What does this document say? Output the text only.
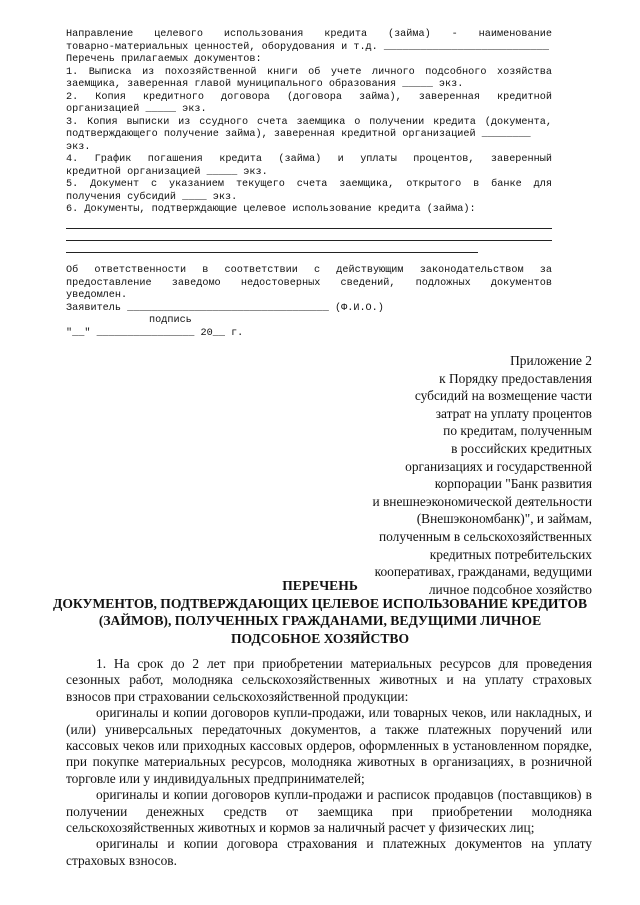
Направление целевого использования кредита (займа) - наименование
товарно-материальных ценностей, оборудования и т.д. ___________________________
Перечень прилагаемых документов:
1. Выписка из похозяйственной книги об учете личного подсобного хозяйства
заемщика, заверенная главой муниципального образования _____ экз.
2. Копия кредитного договора (договора займа), заверенная кредитной
организацией _____ экз.
3. Копия выписки из ссудного счета заемщика о получении кредита (документа,
подтверждающего получение займа), заверенная кредитной организацией ________
экз.
4. График погашения кредита (займа) и уплаты процентов, заверенный
кредитной организацией _____ экз.
5. Документ с указанием текущего счета заемщика, открытого в банке для
получения субсидий ____ экз.
6. Документы, подтверждающие целевое использование кредита (займа):
Об ответственности в соответствии с действующим законодательством за
предоставление заведомо недостоверных сведений, подложных документов
уведомлен.
Заявитель _________________________________ (Ф.И.О.)
подпись
"__" ________________ 20__ г.
Приложение 2
к Порядку предоставления
субсидий на возмещение части
затрат на уплату процентов
по кредитам, полученным
в российских кредитных
организациях и государственной
корпорации "Банк развития
и внешнеэкономической деятельности
(Внешэкономбанк)", и займам,
полученным в сельскохозяйственных
кредитных потребительских
кооперативах, гражданами, ведущими
личное подсобное хозяйство
ПЕРЕЧЕНЬ
ДОКУМЕНТОВ, ПОДТВЕРЖДАЮЩИХ ЦЕЛЕВОЕ ИСПОЛЬЗОВАНИЕ КРЕДИТОВ
(ЗАЙМОВ), ПОЛУЧЕННЫХ ГРАЖДАНАМИ, ВЕДУЩИМИ ЛИЧНОЕ
ПОДСОБНОЕ ХОЗЯЙСТВО
1. На срок до 2 лет при приобретении материальных ресурсов для проведения сезонных работ, молодняка сельскохозяйственных животных и на уплату страховых взносов при страховании сельскохозяйственной продукции:
оригиналы и копии договоров купли-продажи, или товарных чеков, или накладных, и (или) универсальных передаточных документов, а также платежных поручений или кассовых чеков или приходных кассовых ордеров, оформленных в установленном порядке, при покупке материальных ресурсов, молодняка животных в организациях, в розничной торговле или у индивидуальных предпринимателей;
оригиналы и копии договоров купли-продажи и расписок продавцов (поставщиков) в получении денежных средств от заемщика при приобретении молодняка сельскохозяйственных животных и кормов за наличный расчет у физических лиц;
оригиналы и копии договора страхования и платежных документов на уплату страховых взносов.
